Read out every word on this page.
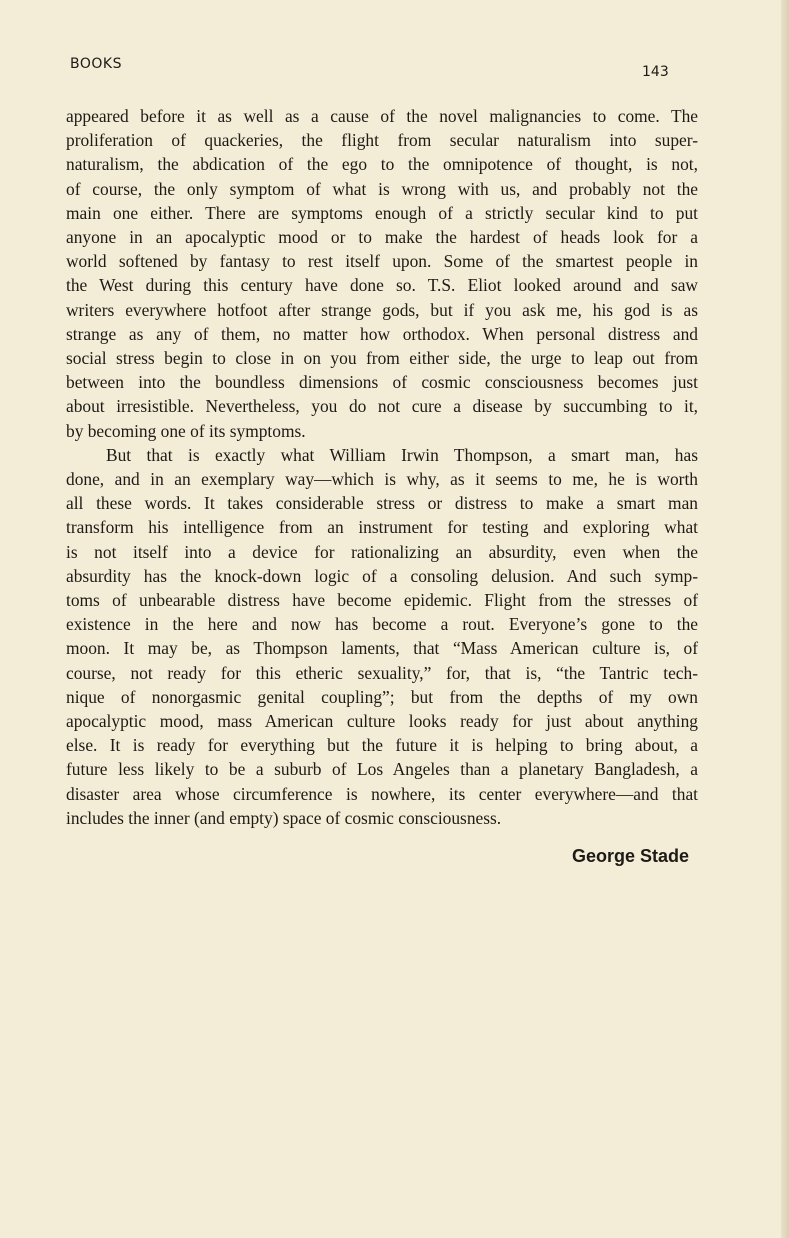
BOOKS	143
appeared before it as well as a cause of the novel malignancies to come. The
proliferation of quackeries, the flight from secular naturalism into super-
naturalism, the abdication of the ego to the omnipotence of thought, is not,
of course, the only symptom of what is wrong with us, and probably not the
main one either. There are symptoms enough of a strictly secular kind to put
anyone in an apocalyptic mood or to make the hardest of heads look for a
world softened by fantasy to rest itself upon. Some of the smartest people in
the West during this century have done so. T.S. Eliot looked around and saw
writers everywhere hotfoot after strange gods, but if you ask me, his god is as
strange as any of them, no matter how orthodox. When personal distress and
social stress begin to close in on you from either side, the urge to leap out from
between into the boundless dimensions of cosmic consciousness becomes just
about irresistible. Nevertheless, you do not cure a disease by succumbing to it,
by becoming one of its symptoms.
But that is exactly what William Irwin Thompson, a smart man, has
done, and in an exemplary way—which is why, as it seems to me, he is worth
all these words. It takes considerable stress or distress to make a smart man
transform his intelligence from an instrument for testing and exploring what
is not itself into a device for rationalizing an absurdity, even when the
absurdity has the knock-down logic of a consoling delusion. And such symp-
toms of unbearable distress have become epidemic. Flight from the stresses of
existence in the here and now has become a rout. Everyone’s gone to the
moon. It may be, as Thompson laments, that “Mass American culture is, of
course, not ready for this etheric sexuality,” for, that is, “the Tantric tech-
nique of nonorgasmic genital coupling”; but from the depths of my own
apocalyptic mood, mass American culture looks ready for just about anything
else. It is ready for everything but the future it is helping to bring about, a
future less likely to be a suburb of Los Angeles than a planetary Bangladesh, a
disaster area whose circumference is nowhere, its center everywhere—and that
includes the inner (and empty) space of cosmic consciousness.
George Stade
